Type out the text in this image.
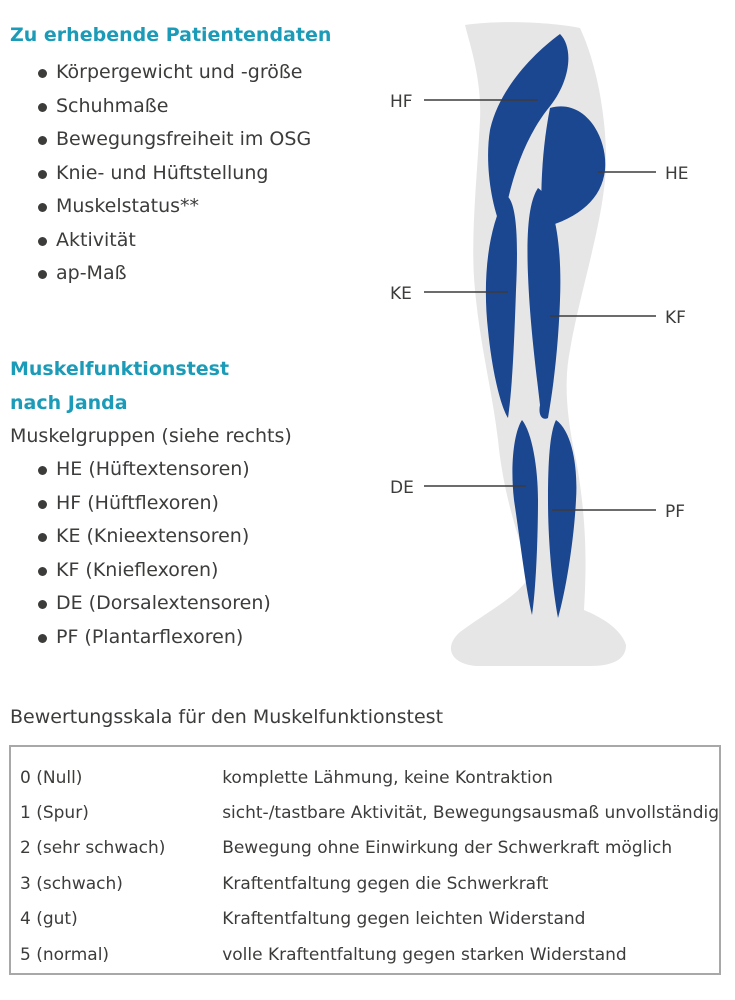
Zu erhebende Patientendaten
Körpergewicht und -größe
Schuhmaße
Bewegungsfreiheit im OSG
Knie- und Hüftstellung
Muskelstatus**
Aktivität
ap-Maß
Muskelfunktionstest
nach Janda
Muskelgruppen (siehe rechts)
HE (Hüftextensoren)
HF (Hüftflexoren)
KE (Knieextensoren)
KF (Knieflexoren)
DE (Dorsalextensoren)
PF (Plantarflexoren)
HF
HE
KE
KF
DE
PF
Bewertungsskala für den Muskelfunktionstest
0 (Null)	komplette Lähmung, keine Kontraktion
1 (Spur)	sicht-/tastbare Aktivität, Bewegungsausmaß unvollständig
2 (sehr schwach)	Bewegung ohne Einwirkung der Schwerkraft möglich
3 (schwach)	Kraftentfaltung gegen die Schwerkraft
4 (gut)	Kraftentfaltung gegen leichten Widerstand
5 (normal)	volle Kraftentfaltung gegen starken Widerstand
